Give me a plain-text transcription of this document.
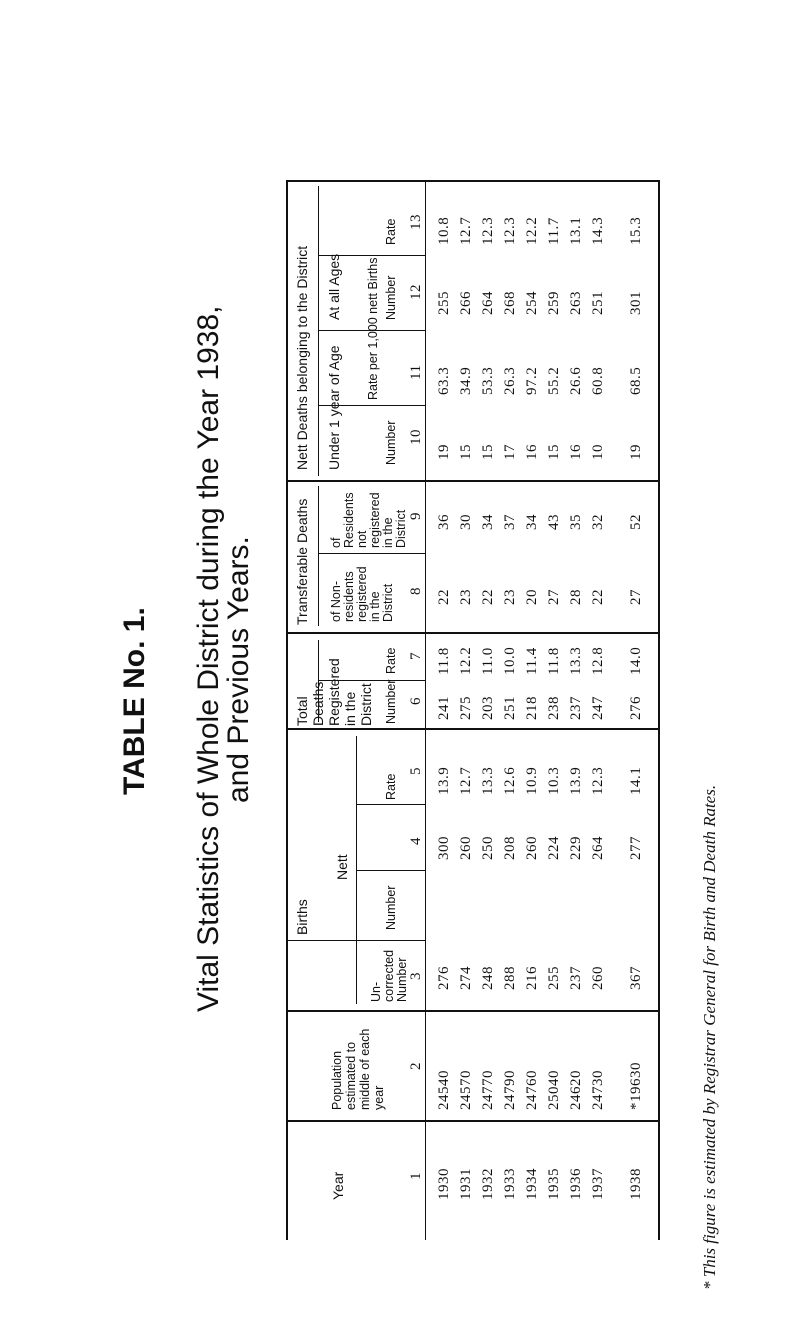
TABLE No. 1. Vital Statistics of Whole District during the Year 1938,
and Previous Years.
Nett Deaths belonging to the District Under 1 year of Age
At all Ages
Number
Rate per 1,000 nett Births Number
Rate
Transferable Deaths of Non-residents registered in the District
of Residents not registered in the District
Total Deaths Registered in the District Number
Rate
Births
Un-corrected Number
Nett
Number
Rate
Population estimated to middle of each year
Year	1
2
3
4
5
6
7
8
9
10
11
12
13
1930
24540
276
300
13.9
241
11.8
22
36
19
63.3
255
10.8
1931
24570
274
260
12.7
275
12.2
23
30
15
34.9
266
12.7
1932
24770
248
250
13.3
203
11.0
22
34
15
53.3
264
12.3
1933
24790
288
208
12.6
251
10.0
23
37
17
26.3
268
12.3
1934
24760
216
260
10.9
218
11.4
20
34
16
97.2
254
12.2
1935
25040
255
224
10.3
238
11.8
27
43
15
55.2
259
11.7
1936
24620
237
229
13.9
237
13.3
28
35
16
26.6
263
13.1
1937
24730
260
264
12.3
247
12.8
22
32
10
60.8
251
14.3
1938
*19630
367
277
14.1
276
14.0
27
52
19
68.5
301
15.3
* This figure is estimated by Registrar General for Birth and Death Rates.
